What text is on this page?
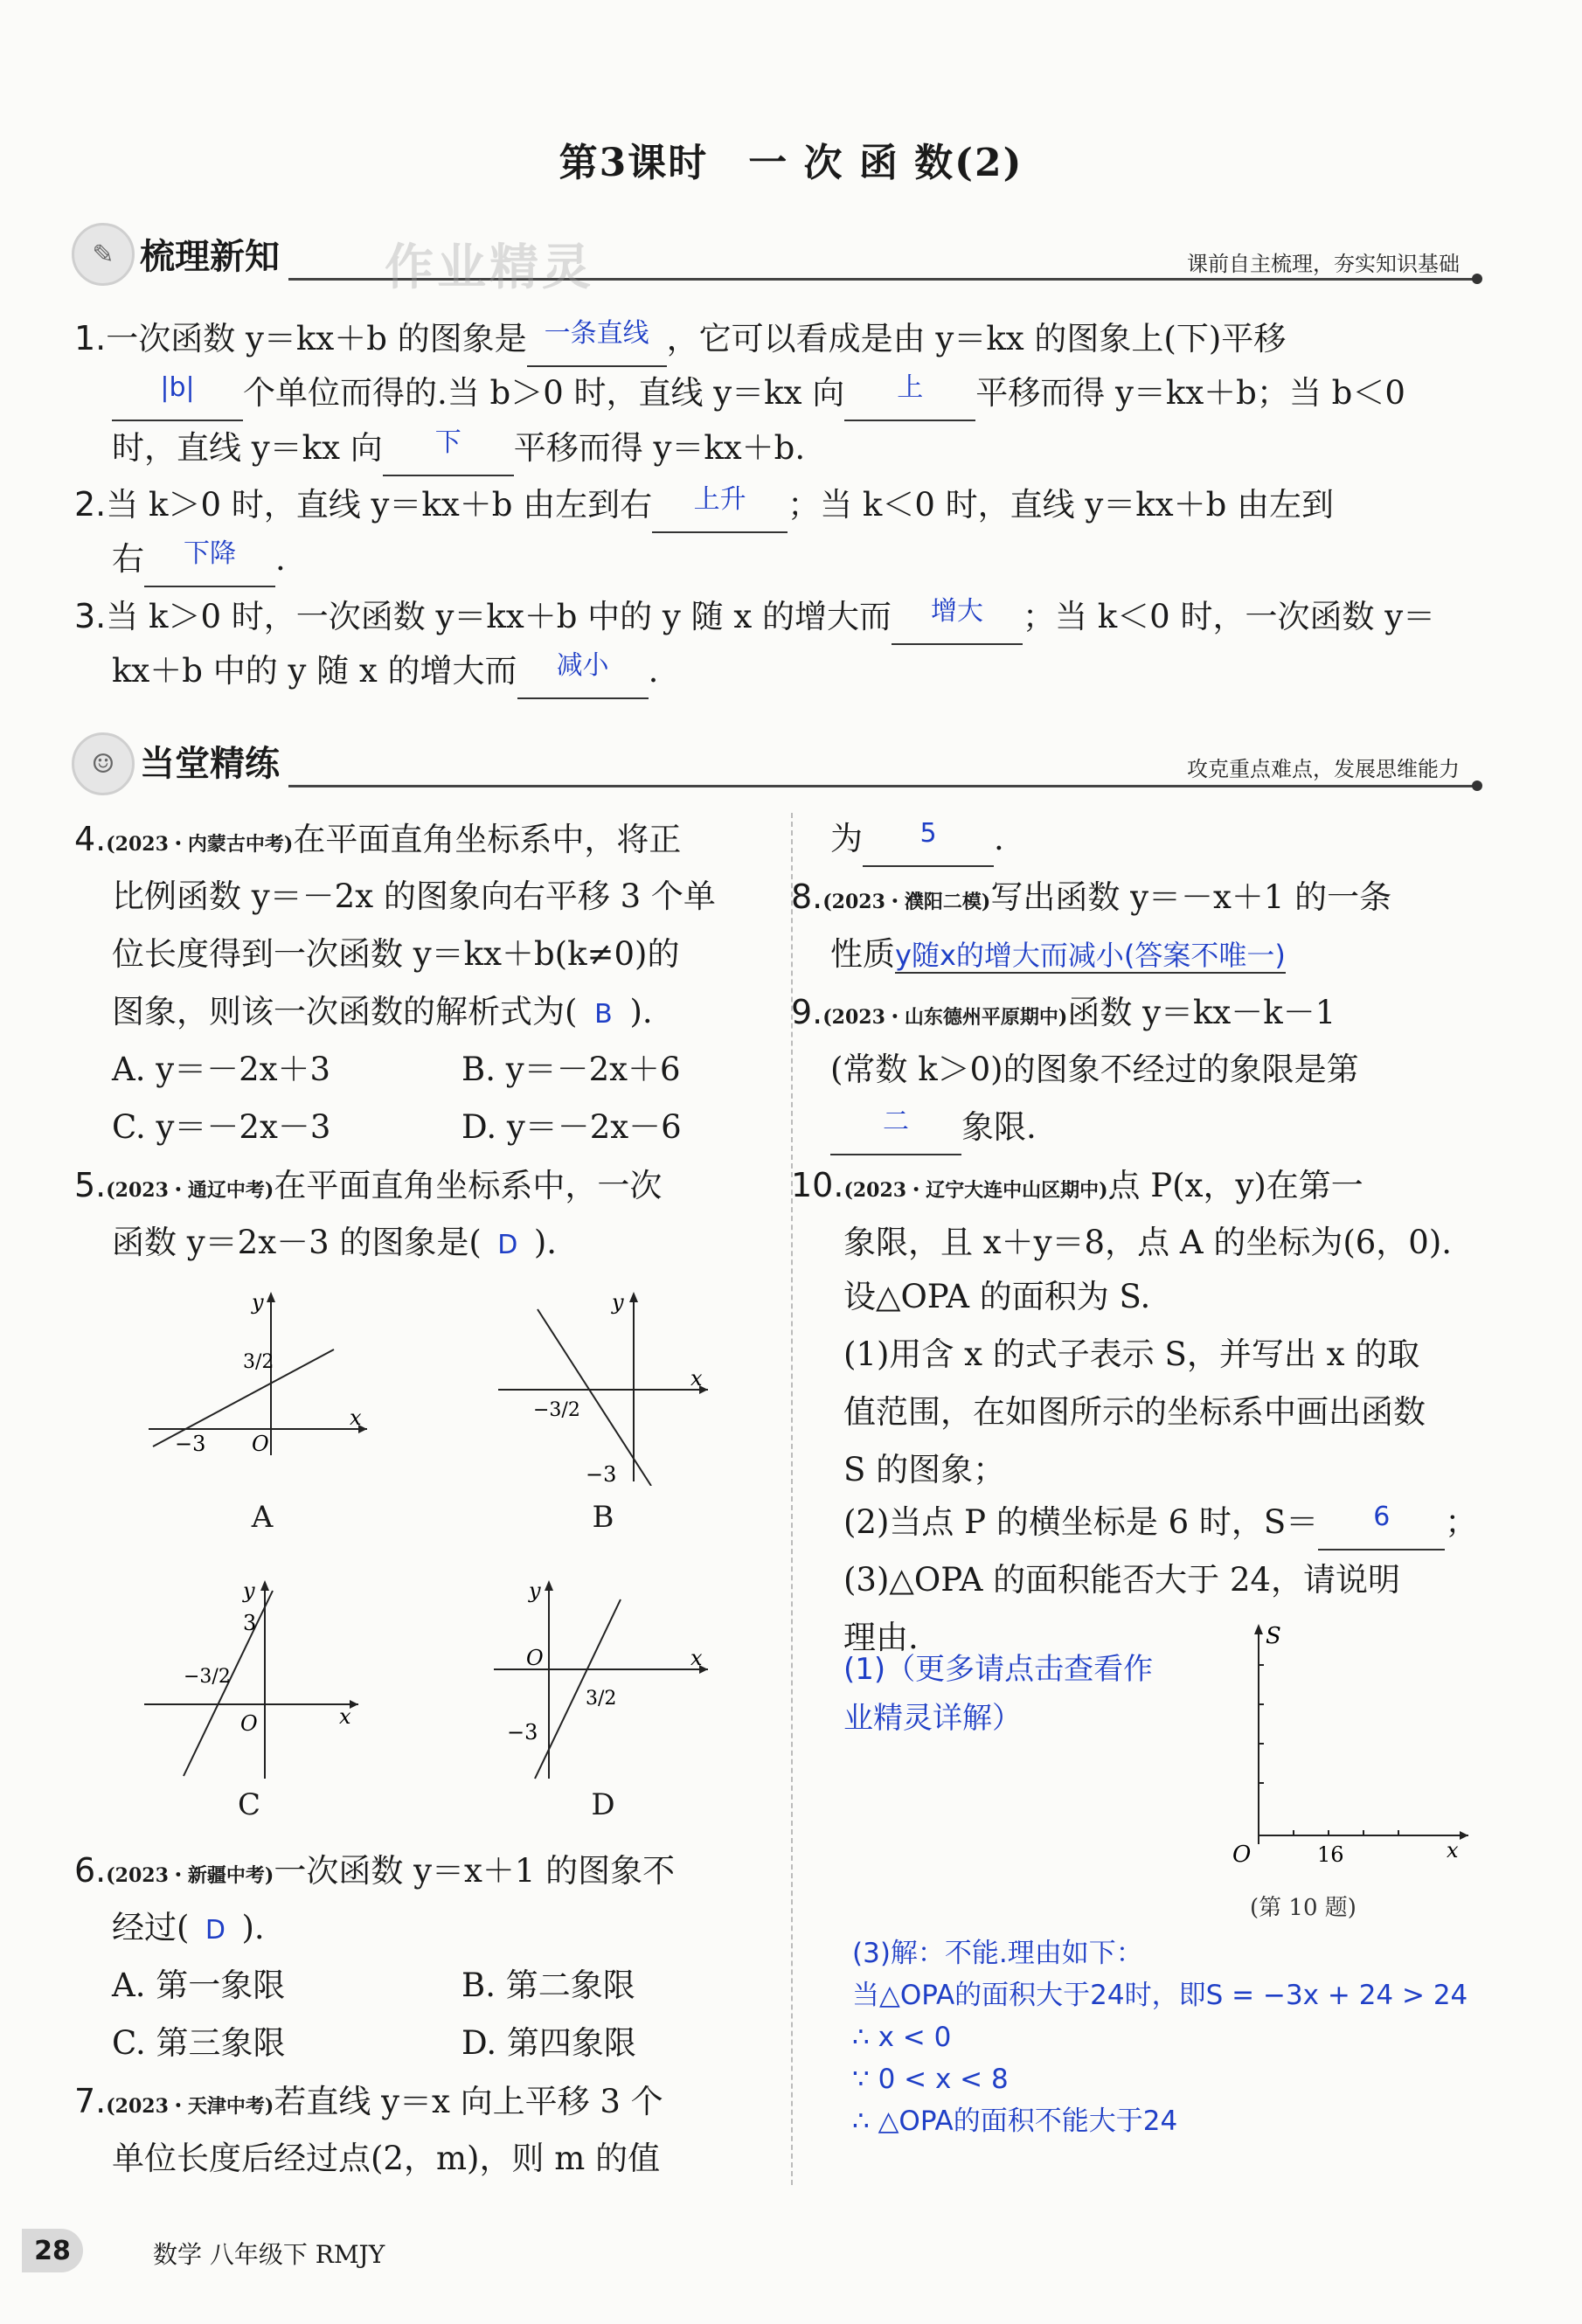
第3课时　一 次 函 数(2)
✎ 梳理新知 作业精灵	课前自主梳理，夯实知识基础
1.一次函数 y＝kx＋b 的图象是 $^{一条直线}$ ，它可以看成是由 y＝kx 的图象上(下)平移
$^{|b|}$ 个单位而得的.当 b＞0 时，直线 y＝kx 向 $^上$ 平移而得 y＝kx＋b；当 b＜0
时，直线 y＝kx 向 $^下$ 平移而得 y＝kx＋b.
2.当 k＞0 时，直线 y＝kx＋b 由左到右 $^{上升}$ ；当 k＜0 时，直线 y＝kx＋b 由左到
右 $^{下降}$ .
3.当 k＞0 时，一次函数 y＝kx＋b 中的 y 随 x 的增大而 $^{增大}$ ；当 k＜0 时，一次函数 y＝
kx＋b 中的 y 随 x 的增大而 $^{减小}$ .
☺ 当堂精练	攻克重点难点，发展思维能力
4.(2023・内蒙古中考)在平面直角坐标系中，将正
比例函数 y＝－2x 的图象向右平移 3 个单
位长度得到一次函数 y＝kx＋b(k≠0)的
图象，则该一次函数的解析式为( B ).
A. y＝－2x＋3	B. y＝－2x＋6
C. y＝－2x－3	D. y＝－2x－6
5.(2023・通辽中考)在平面直角坐标系中，一次
函数 y＝2x－3 的图象是( D ).
x
y
O
−3
3/2
A
x
y
−3/2
−3
B
x
y
O
−3/2
3
C
x
y
O
3/2
−3
D
6.(2023・新疆中考)一次函数 y＝x＋1 的图象不
经过( D ).
A. 第一象限	B. 第二象限
C. 第三象限	D. 第四象限
7.(2023・天津中考)若直线 y＝x 向上平移 3 个
单位长度后经过点(2，m)，则 m 的值
为 $^5$ .
8.(2023・濮阳二模)写出函数 y＝－x＋1 的一条
性质y随x的增大而减小(答案不唯一)
9.(2023・山东德州平原期中)函数 y＝kx－k－1
(常数 k＞0)的图象不经过的象限是第
$^二$ 象限.
10.(2023・辽宁大连中山区期中)点 P(x，y)在第一
象限，且 x＋y＝8，点 A 的坐标为(6，0).
设△OPA 的面积为 S.
(1)用含 x 的式子表示 S，并写出 x 的取
值范围，在如图所示的坐标系中画出函数
S 的图象；
(2)当点 P 的横坐标是 6 时，S＝ $^6$ ；
(3)△OPA 的面积能否大于 24，请说明
理由.
(1)（更多请点击查看作
业精灵详解）
S
x
O	16
(第 10 题)
(3)解：不能.理由如下：
当△OPA的面积大于24时，即S = −3x + 24 > 24
∴ x < 0
∵ 0 < x < 8
∴ △OPA的面积不能大于24
28	数学 八年级下 RMJY
